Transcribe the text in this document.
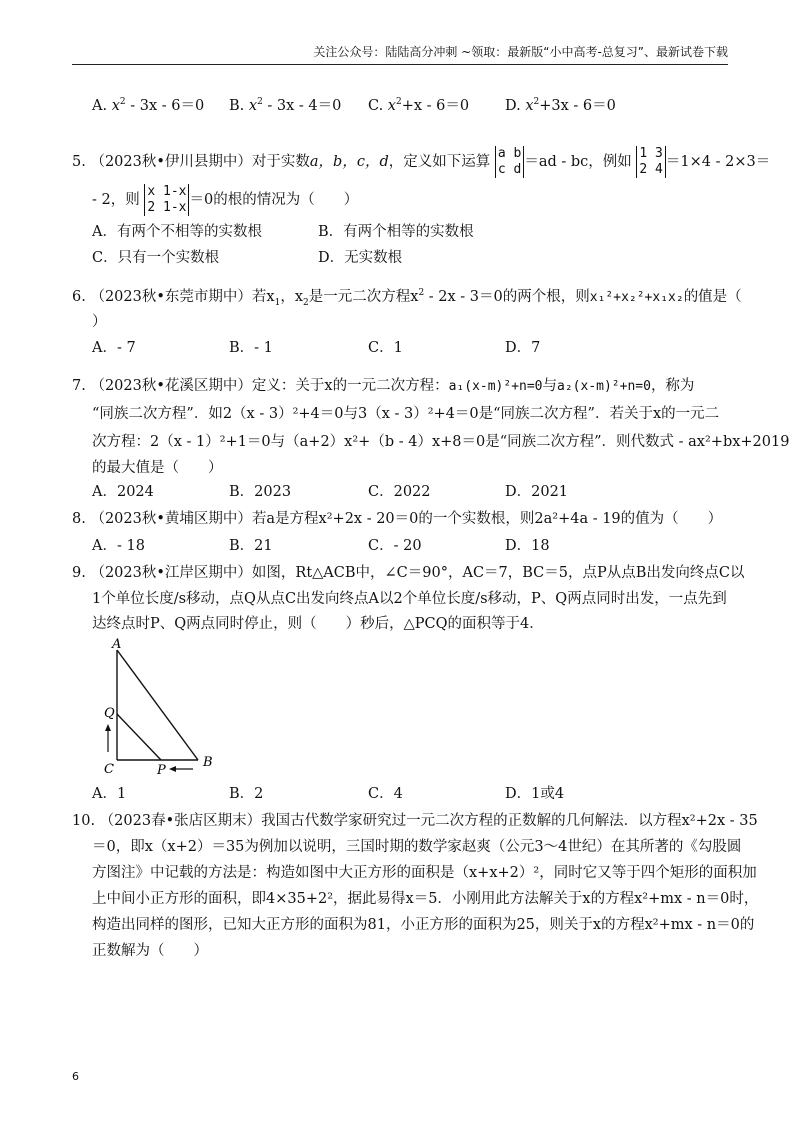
关注公众号：陆陆高分冲刺 ~领取：最新版“小中高考-总复习”、最新试卷下载
A. $x^2 - 3x - 6=0$ B. $x^2 - 3x - 4=0$ C. $x^2+x - 6=0$ D. $x^2+3x - 6=0$
5. （2023秋•伊川县期中）对于实数a，b，c，d，定义如下运算 a b
c d ＝ad - bc，例如 1 3
2 4 ＝1×4 - 2×3＝
- 2，则 x 1-x
2 1-x ＝0的根的情况为（　　）
A．有两个不相等的实数根	B．有两个相等的实数根
C．只有一个实数根	D．无实数根
6. （2023秋•东莞市期中）若$x_1$，$x_2$是一元二次方程$x^2 - 2x - 3=0$的两个根，则x₁²+x₂²+x₁x₂的值是（
）
A．- 7	B．- 1	C．1	D．7
7. （2023秋•花溪区期中）定义：关于x的一元二次方程：a₁(x-m)²+n=0与a₂(x-m)²+n=0，称为
“同族二次方程”．如2（x - 3）²+4＝0与3（x - 3）²+4＝0是“同族二次方程”．若关于x的一元二
次方程：2（x - 1）²+1＝0与（a+2）x²+（b - 4）x+8＝0是“同族二次方程”．则代数式 - ax²+bx+2019
的最大值是（　　）
A．2024	B．2023	C．2022	D．2021
8. （2023秋•黄埔区期中）若a是方程x²+2x - 20＝0的一个实数根，则2a²+4a - 19的值为（　　）
A．- 18	B．21	C．- 20	D．18
9. （2023秋•江岸区期中）如图，Rt△ACB中，∠C＝90°，AC＝7，BC＝5，点P从点B出发向终点C以
1个单位长度/s移动，点Q从点C出发向终点A以2个单位长度/s移动，P、Q两点同时出发，一点先到
达终点时P、Q两点同时停止，则（　　）秒后，△PCQ的面积等于4．
A
Q
C	P
B
A．1	B．2	C．4	D．1或4
10. （2023春•张店区期末）我国古代数学家研究过一元二次方程的正数解的几何解法．以方程x²+2x - 35
＝0，即x（x+2）＝35为例加以说明，三国时期的数学家赵爽（公元3～4世纪）在其所著的《勾股圆
方图注》中记载的方法是：构造如图中大正方形的面积是（x+x+2）²，同时它又等于四个矩形的面积加
上中间小正方形的面积，即4×35+2²，据此易得x＝5．小刚用此方法解关于x的方程x²+mx - n＝0时，
构造出同样的图形，已知大正方形的面积为81，小正方形的面积为25，则关于x的方程x²+mx - n＝0的
正数解为（　　）
6
